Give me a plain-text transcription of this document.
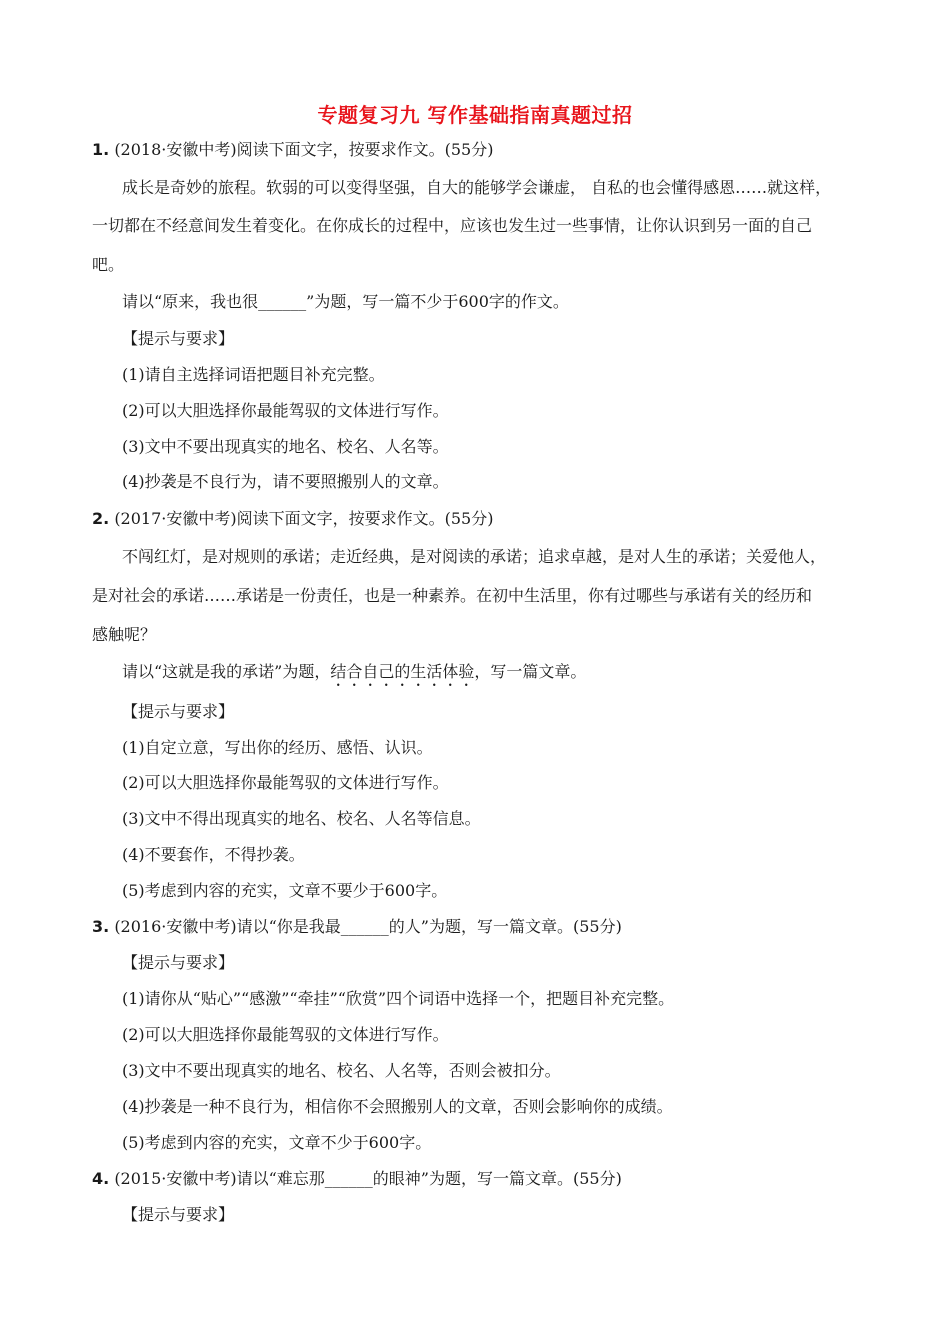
专题复习九 写作基础指南真题过招
1. (2018·安徽中考)阅读下面文字，按要求作文。(55分)
成长是奇妙的旅程。软弱的可以变得坚强，自大的能够学会谦虚， 自私的也会懂得感恩……就这样，
一切都在不经意间发生着变化。在你成长的过程中，应该也发生过一些事情，让你认识到另一面的自己
吧。
请以“原来，我也很______”为题，写一篇不少于600字的作文。
【提示与要求】
(1)请自主选择词语把题目补充完整。
(2)可以大胆选择你最能驾驭的文体进行写作。
(3)文中不要出现真实的地名、校名、人名等。
(4)抄袭是不良行为，请不要照搬别人的文章。
2. (2017·安徽中考)阅读下面文字，按要求作文。(55分)
不闯红灯，是对规则的承诺；走近经典，是对阅读的承诺；追求卓越，是对人生的承诺；关爱他人，
是对社会的承诺……承诺是一份责任，也是一种素养。在初中生活里，你有过哪些与承诺有关的经历和
感触呢？
请以“这就是我的承诺”为题，结合自己的生活体验，写一篇文章。
【提示与要求】
(1)自定立意，写出你的经历、感悟、认识。
(2)可以大胆选择你最能驾驭的文体进行写作。
(3)文中不得出现真实的地名、校名、人名等信息。
(4)不要套作，不得抄袭。
(5)考虑到内容的充实，文章不要少于600字。
3. (2016·安徽中考)请以“你是我最______的人”为题，写一篇文章。(55分)
【提示与要求】
(1)请你从“贴心”“感激”“牵挂”“欣赏”四个词语中选择一个，把题目补充完整。
(2)可以大胆选择你最能驾驭的文体进行写作。
(3)文中不要出现真实的地名、校名、人名等，否则会被扣分。
(4)抄袭是一种不良行为，相信你不会照搬别人的文章，否则会影响你的成绩。
(5)考虑到内容的充实，文章不少于600字。
4. (2015·安徽中考)请以“难忘那______的眼神”为题，写一篇文章。(55分)
【提示与要求】
